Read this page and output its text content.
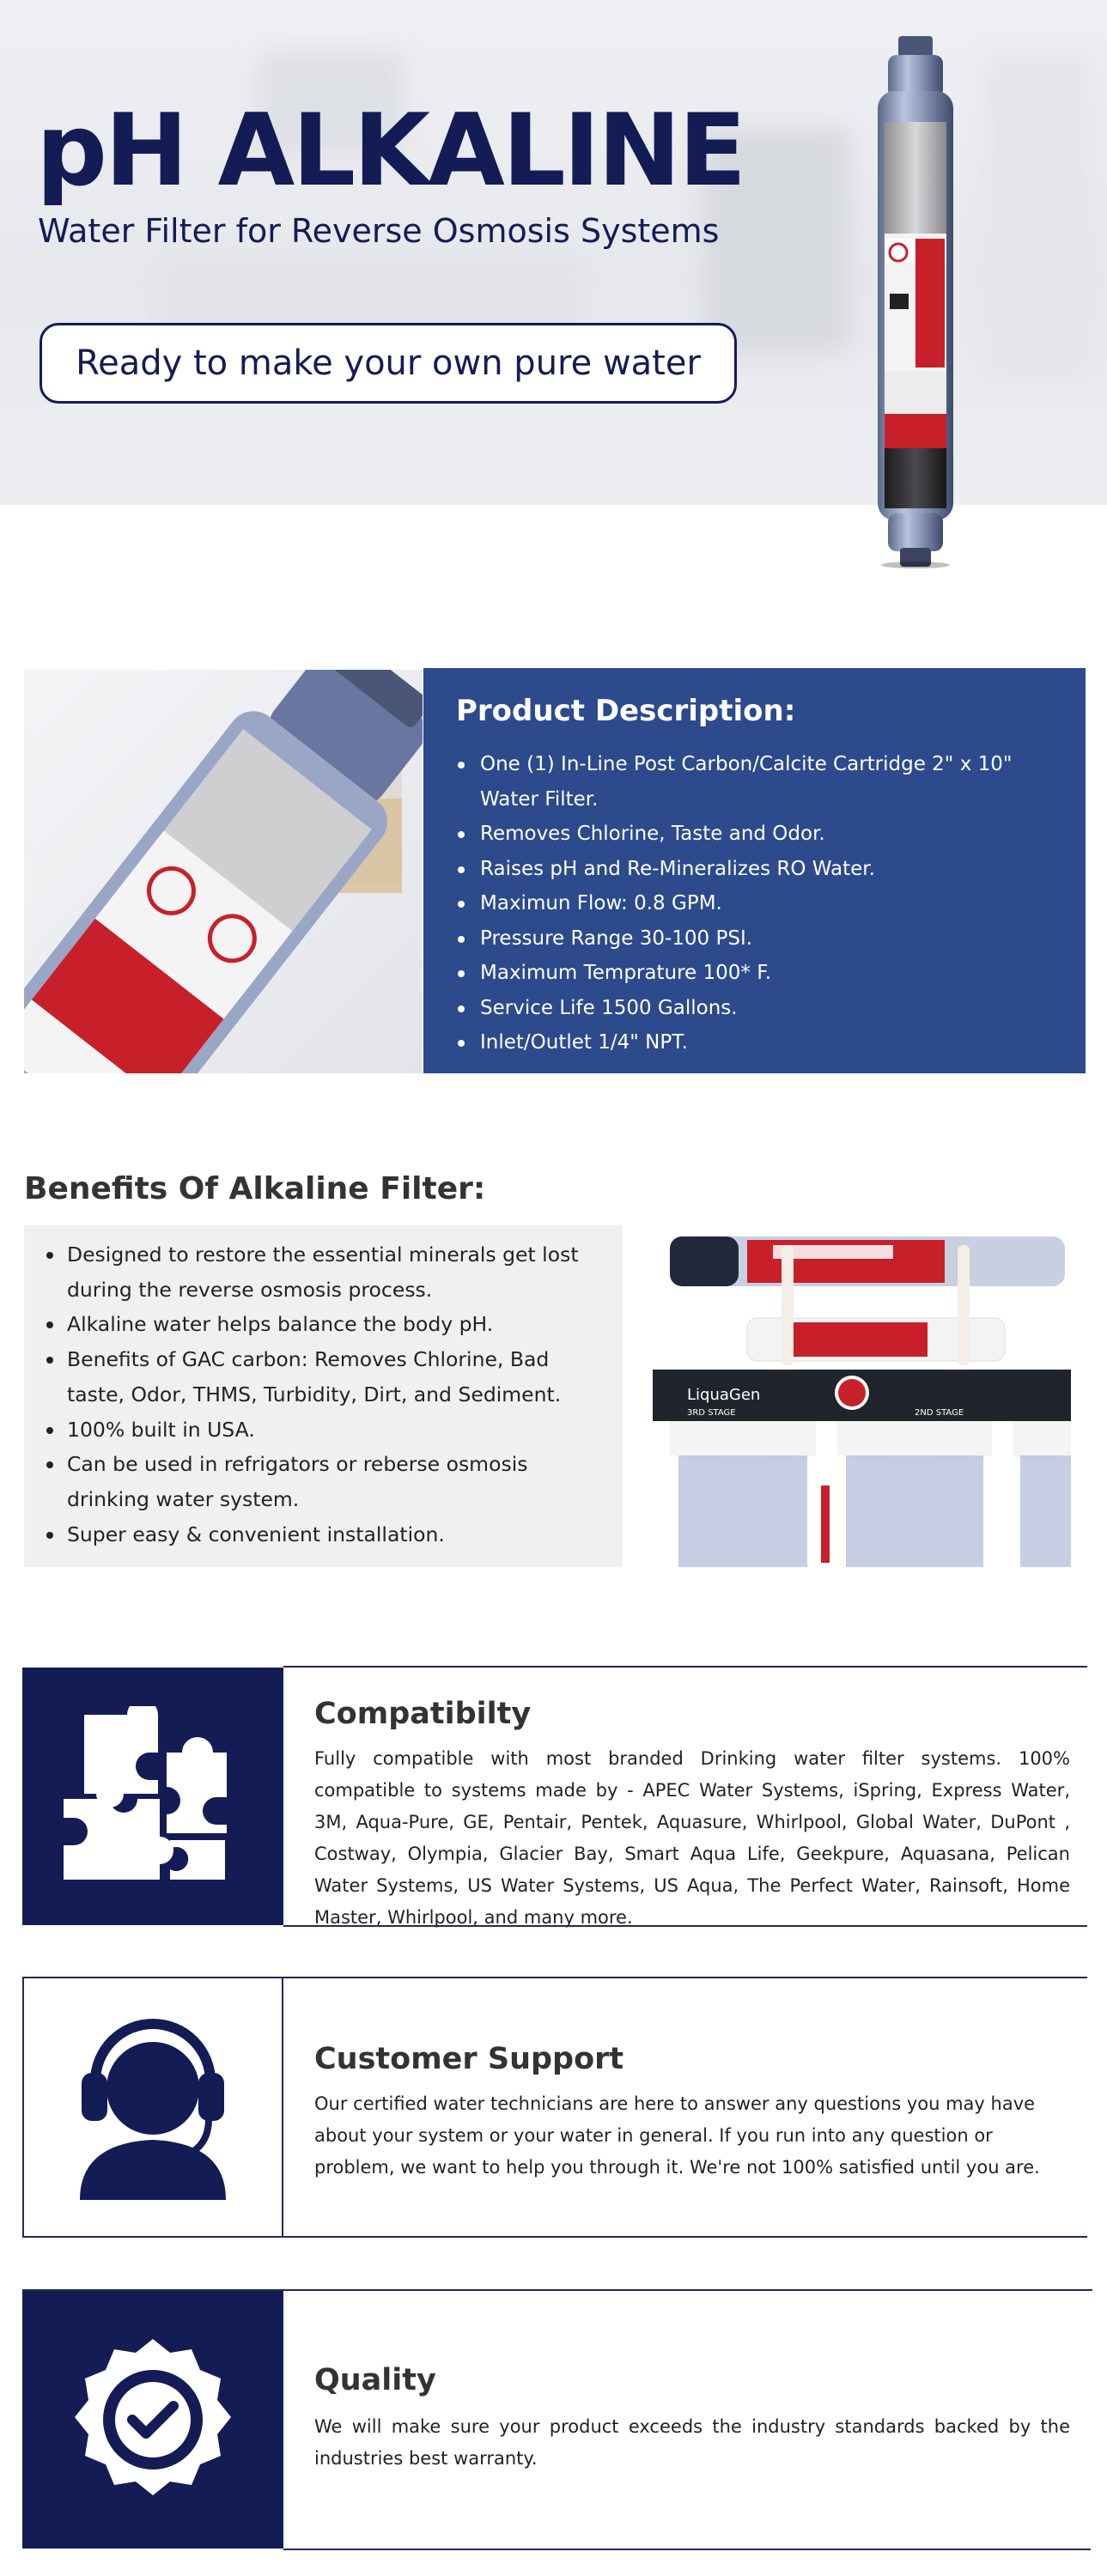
pH ALKALINE
Water Filter for Reverse Osmosis Systems
Ready to make your own pure water
Product Description:
One (1) In-Line Post Carbon/Calcite Cartridge 2" x 10" Water Filter.
Removes Chlorine, Taste and Odor.
Raises pH and Re-Mineralizes RO Water.
Maximun Flow: 0.8 GPM.
Pressure Range 30-100 PSI.
Maximum Temprature 100* F.
Service Life 1500 Gallons.
Inlet/Outlet 1/4" NPT.
Benefits Of Alkaline Filter:
Designed to restore the essential minerals get lost during the reverse osmosis process.
Alkaline water helps balance the body pH.
Benefits of GAC carbon: Removes Chlorine, Bad taste, Odor, THMS, Turbidity, Dirt, and Sediment.
100% built in USA.
Can be used in refrigators or reberse osmosis drinking water system.
Super easy & convenient installation.
LiquaGen
3RD STAGE	2ND STAGE
Compatibilty

Fully compatible with most branded Drinking water filter systems. 100% compatible to systems made by - APEC Water Systems, iSpring, Express Water, 3M, Aqua-Pure, GE, Pentair, Pentek, Aquasure, Whirlpool, Global Water, DuPont , Costway, Olympia, Glacier Bay, Smart Aqua Life, Geekpure, Aquasana, Pelican Water Systems, US Water Systems, US Aqua, The Perfect Water, Rainsoft, Home Master, Whirlpool, and many more.

Customer Support

Our certified water technicians are here to answer any questions you may have about your system or your water in general. If you run into any question or problem, we want to help you through it. We're not 100% satisfied until you are.

Quality

We will make sure your product exceeds the industry standards backed by the industries best warranty.
